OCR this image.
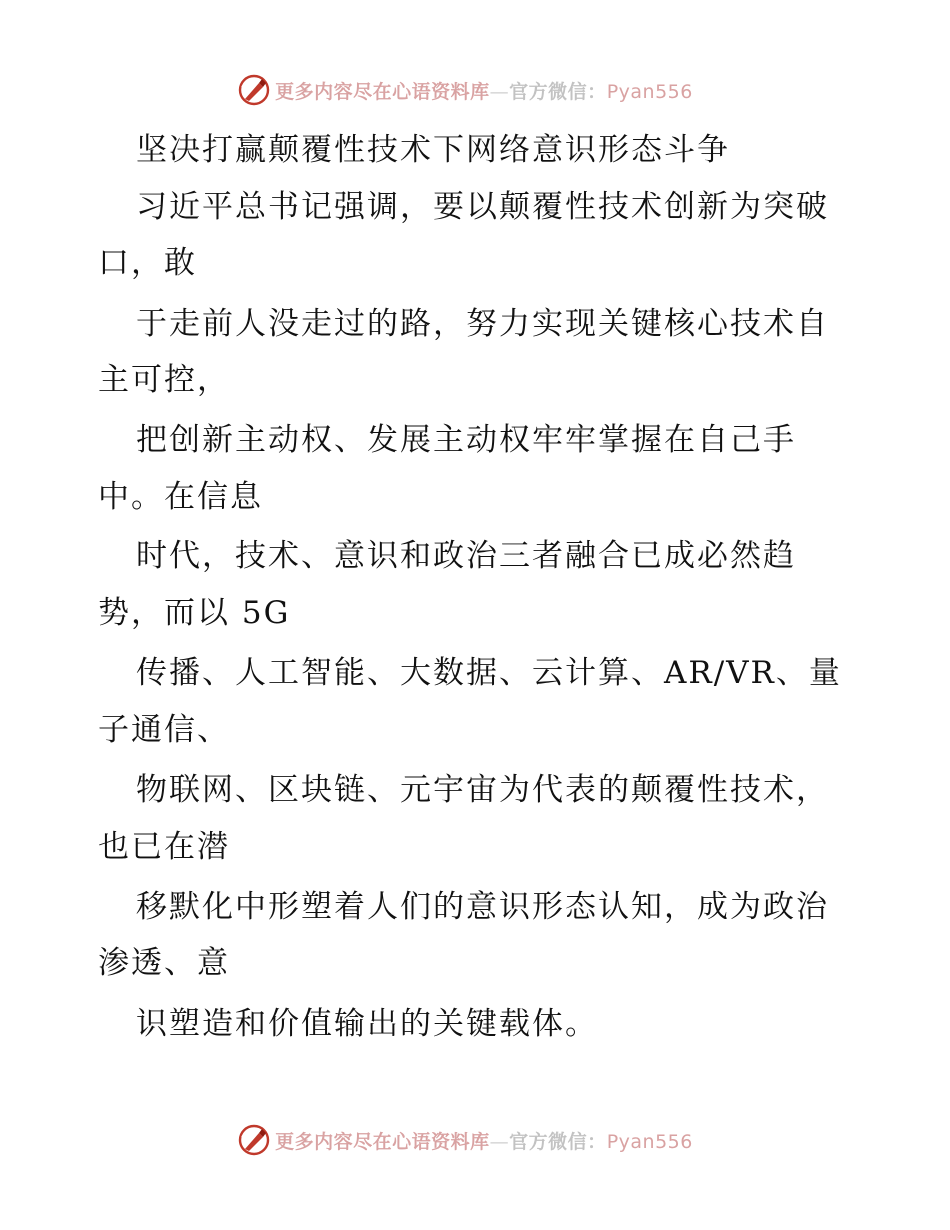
更多内容尽在心语资料库—官方微信：Pyan556
坚决打赢颠覆性技术下网络意识形态斗争
习近平总书记强调，要以颠覆性技术创新为突破
口，敢
于走前人没走过的路，努力实现关键核心技术自
主可控，
把创新主动权、发展主动权牢牢掌握在自己手
中。在信息
时代，技术、意识和政治三者融合已成必然趋
势，而以 5G
传播、人工智能、大数据、云计算、AR/VR、量
子通信、
物联网、区块链、元宇宙为代表的颠覆性技术，
也已在潜
移默化中形塑着人们的意识形态认知，成为政治
渗透、意
识塑造和价值输出的关键载体。
更多内容尽在心语资料库—官方微信：Pyan556
